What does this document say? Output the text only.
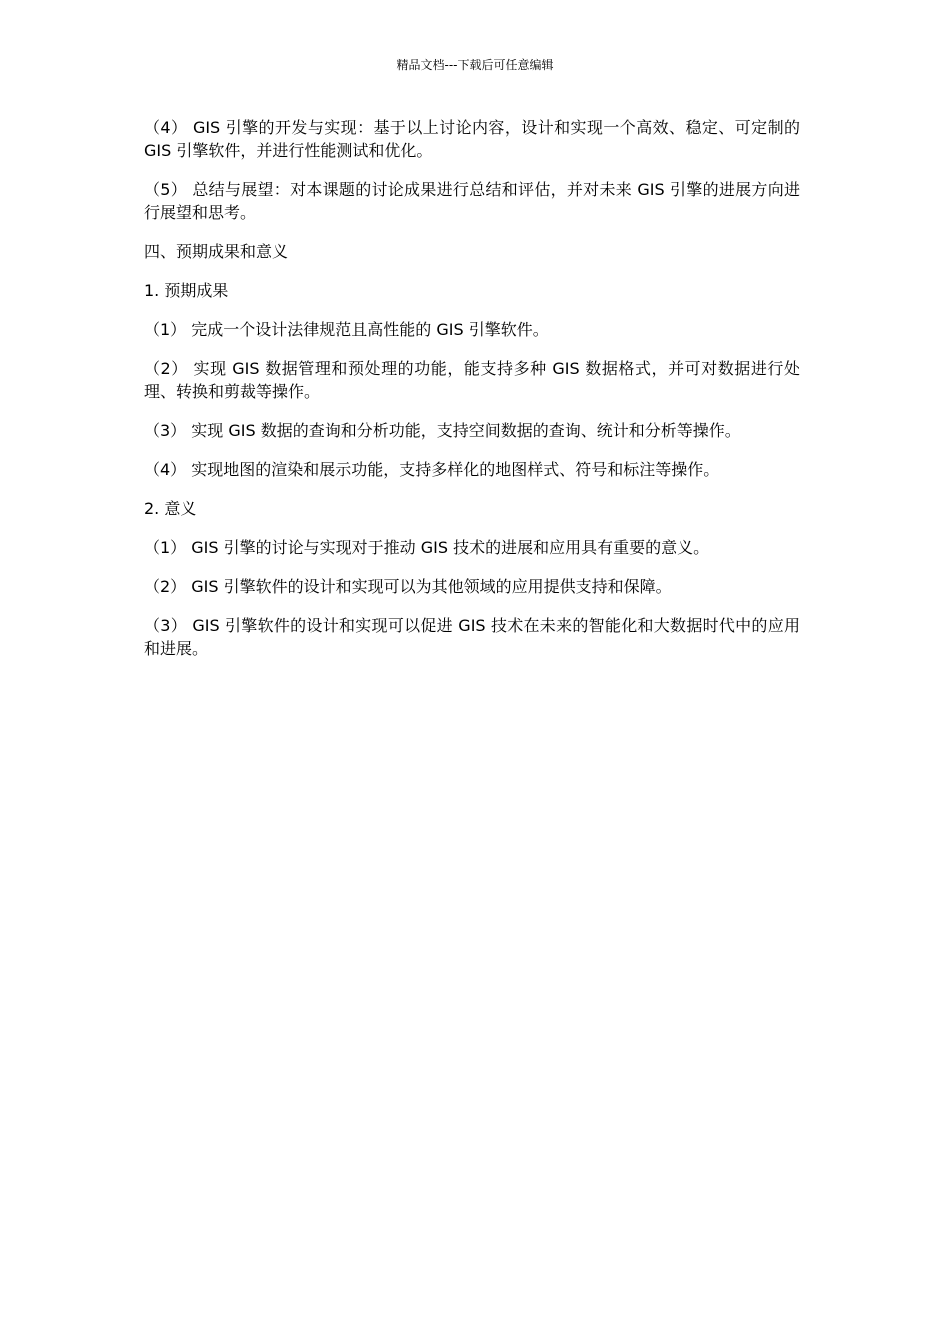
精品文档---下载后可任意编辑

（4） GIS 引擎的开发与实现：基于以上讨论内容，设计和实现一个高效、稳定、可定制的 GIS 引擎软件，并进行性能测试和优化。

（5） 总结与展望：对本课题的讨论成果进行总结和评估，并对未来 GIS 引擎的进展方向进行展望和思考。

四、预期成果和意义

1. 预期成果

（1） 完成一个设计法律规范且高性能的 GIS 引擎软件。

（2） 实现 GIS 数据管理和预处理的功能，能支持多种 GIS 数据格式，并可对数据进行处理、转换和剪裁等操作。

（3） 实现 GIS 数据的查询和分析功能，支持空间数据的查询、统计和分析等操作。

（4） 实现地图的渲染和展示功能，支持多样化的地图样式、符号和标注等操作。

2. 意义

（1） GIS 引擎的讨论与实现对于推动 GIS 技术的进展和应用具有重要的意义。

（2） GIS 引擎软件的设计和实现可以为其他领域的应用提供支持和保障。

（3） GIS 引擎软件的设计和实现可以促进 GIS 技术在未来的智能化和大数据时代中的应用和进展。
